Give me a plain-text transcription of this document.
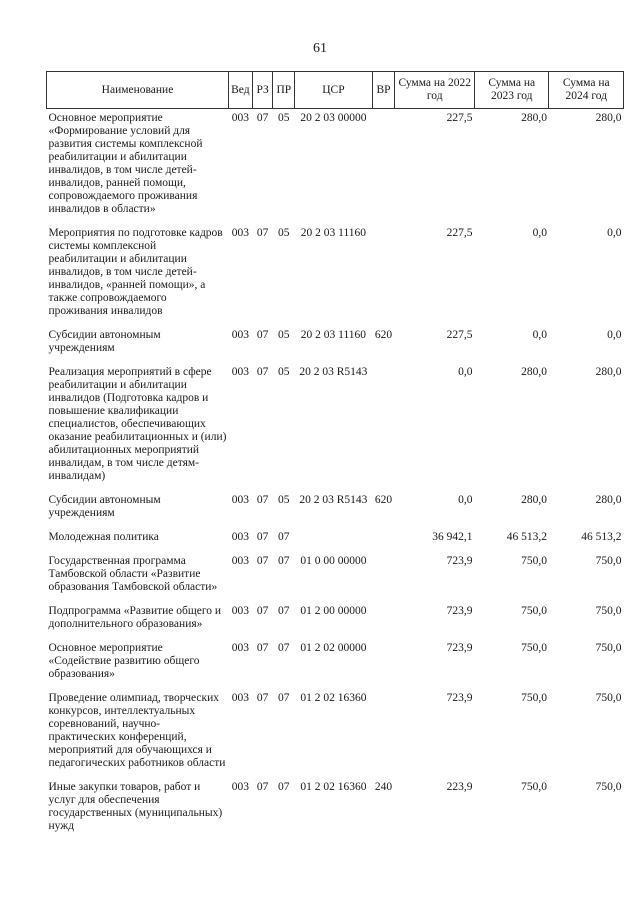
61
Наименование	Вед	РЗ	ПР	ЦСР	ВР	Сумма на 2022 год	Сумма на 2023 год	Сумма на 2024 год
Основное мероприятие «Формирование условий для развития системы комплексной реабилитации и абилитации инвалидов, в том числе детей-инвалидов, ранней помощи, сопровождаемого проживания инвалидов в области»	003	07	05	20 2 03 00000		227,5	280,0	280,0
Мероприятия по подготовке кадров системы комплексной реабилитации и абилитации инвалидов, в том числе детей-инвалидов, «ранней помощи», а также сопровождаемого проживания инвалидов	003	07	05	20 2 03 11160		227,5	0,0	0,0
Субсидии автономным учреждениям	003	07	05	20 2 03 11160	620	227,5	0,0	0,0
Реализация мероприятий в сфере реабилитации и абилитации инвалидов (Подготовка кадров и повышение квалификации специалистов, обеспечивающих оказание реабилитационных и (или) абилитационных мероприятий инвалидам, в том числе детям-инвалидам)	003	07	05	20 2 03 R5143		0,0	280,0	280,0
Субсидии автономным учреждениям	003	07	05	20 2 03 R5143	620	0,0	280,0	280,0
Молодежная политика	003	07	07			36 942,1	46 513,2	46 513,2
Государственная программа Тамбовской области «Развитие образования Тамбовской области»	003	07	07	01 0 00 00000		723,9	750,0	750,0
Подпрограмма «Развитие общего и дополнительного образования»	003	07	07	01 2 00 00000		723,9	750,0	750,0
Основное мероприятие «Содействие развитию общего образования»	003	07	07	01 2 02 00000		723,9	750,0	750,0
Проведение олимпиад, творческих конкурсов, интеллектуальных соревнований, научно-практических конференций, мероприятий для обучающихся и педагогических работников области	003	07	07	01 2 02 16360		723,9	750,0	750,0
Иные закупки товаров, работ и услуг для обеспечения государственных (муниципальных) нужд	003	07	07	01 2 02 16360	240	223,9	750,0	750,0
